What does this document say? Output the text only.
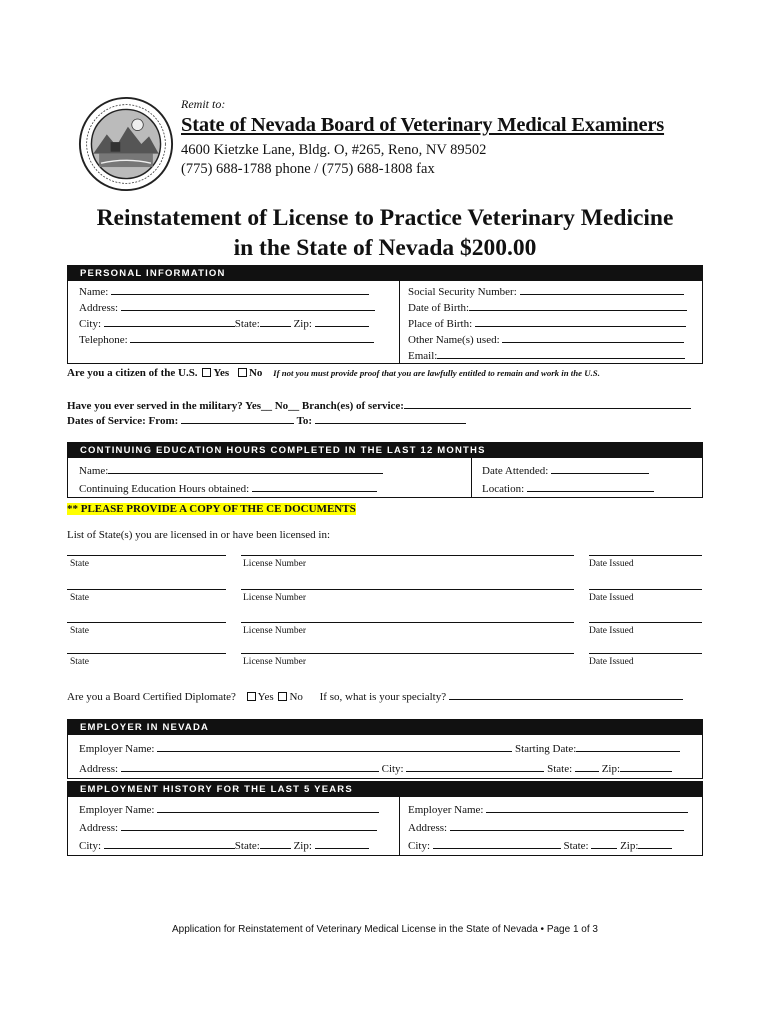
Remit to:
State of Nevada Board of Veterinary Medical Examiners
4600 Kietzke Lane, Bldg. O, #265, Reno, NV 89502
(775) 688-1788 phone / (775) 688-1808 fax
Reinstatement of License to Practice Veterinary Medicine
in the State of Nevada $200.00
PERSONAL INFORMATION
Name:
Address:
City:	State:	Zip:
Telephone:
Social Security Number:
Date of Birth:
Place of Birth:
Other Name(s) used:
Email:
Are you a citizen of the U.S. Yes No If not you must provide proof that you are lawfully entitled to remain and work in the U.S.
Have you ever served in the military? Yes__ No__ Branch(es) of service:
Dates of Service: From:	To:
CONTINUING EDUCATION HOURS COMPLETED IN THE LAST 12 MONTHS
Name:
Continuing Education Hours obtained:
Date Attended:
Location:
** PLEASE PROVIDE A COPY OF THE CE DOCUMENTS
List of State(s) you are licensed in or have been licensed in:
State	License Number	Date Issued
State	License Number	Date Issued
State	License Number	Date Issued
State	License Number	Date Issued
Are you a Board Certified Diplomate? Yes No If so, what is your specialty?
EMPLOYER IN NEVADA
Employer Name:	Starting Date:
Address:	City:	State:	Zip:
EMPLOYMENT HISTORY FOR THE LAST 5 YEARS
Employer Name:
Address:
City:	State:	Zip:
Employer Name:
Address:
City:	State:	Zip:
Application for Reinstatement of Veterinary Medical License in the State of Nevada • Page 1 of 3
